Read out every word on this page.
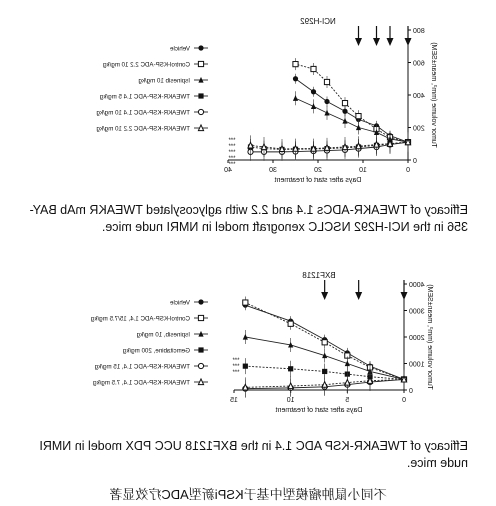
NCI-H292
0
200
400
600
800
0
10
20
30
40
Days after start of treatment
Tumor volume (mm³, mean±SEM)
Vehicle
Control-KSP-ADC 2.2 10 mg/kg
Ispinesib 10 mg/kg
TWEAKR-KSP-ADC 1.4 5 mg/kg
TWEAKR-KSP-ADC 1.4 10 mg/kg
TWEAKR-KSP-ADC 2.2 10 mg/kg
***
***
***
***
***
Efficacy of TWEAKR-ADCs 1.4 and 2.2 with aglycosylated TWEAKR mAb BAY-356 in the NCI-H292 NSCLC xenograft model in NMRI nude mice.
BXF1218
0
1000
2000
3000
4000
0
5
10
15
Days after start of treatment
Tumor volume (mm³, mean±SEM)
Vehicle
Control-KSP-ADC 1.4, 15/7.5 mg/kg
Ispinesib, 10 mg/kg
Gemcitabine, 200 mg/kg
TWEAKR-KSP-ADC 1.4, 15 mg/kg
TWEAKR-KSP-ADC 1.4, 7.5 mg/kg
***
***
***
Efficacy of TWEAKR-KSP ADC 1.4 in the BXF1218 UCC PDX model in NMRI nude mice.
不同小鼠肿瘤模型中基于KSPi新型ADC疗效显著
